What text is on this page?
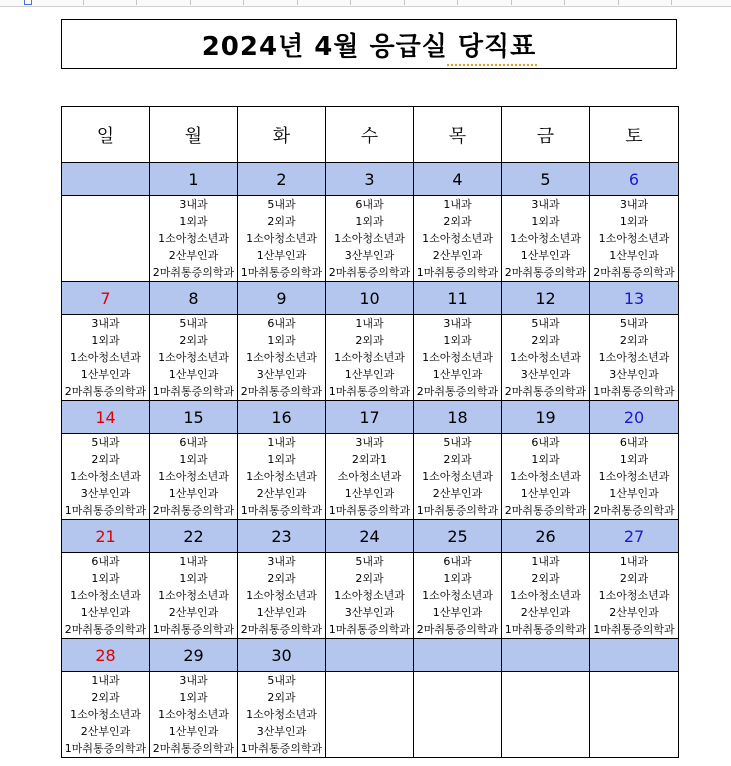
2024년 4월 응급실 당직표
일	월	화	수	목	금	토
	1	2	3	4	5	6

	3내과
1외과
1소아청소년과
2산부인과
2마취통증의학과	5내과
2외과
1소아청소년과
1산부인과
1마취통증의학과	6내과
1외과
1소아청소년과
3산부인과
2마취통증의학과	1내과
2외과
1소아청소년과
2산부인과
1마취통증의학과	3내과
1외과
1소아청소년과
1산부인과
2마취통증의학과	3내과
1외과
1소아청소년과
1산부인과
2마취통증의학과

7	8	9	10	11	12	13

3내과
1외과
1소아청소년과
1산부인과
2마취통증의학과	5내과
2외과
1소아청소년과
1산부인과
1마취통증의학과	6내과
1외과
1소아청소년과
3산부인과
2마취통증의학과	1내과
2외과
1소아청소년과
1산부인과
1마취통증의학과	3내과
1외과
1소아청소년과
1산부인과
2마취통증의학과	5내과
2외과
1소아청소년과
3산부인과
2마취통증의학과	5내과
2외과
1소아청소년과
3산부인과
1마취통증의학과

14	15	16	17	18	19	20

5내과
2외과
1소아청소년과
3산부인과
1마취통증의학과	6내과
1외과
1소아청소년과
1산부인과
2마취통증의학과	1내과
1외과
1소아청소년과
2산부인과
1마취통증의학과	3내과
2외과1
소아청소년과
1산부인과
1마취통증의학과	5내과
2외과
1소아청소년과
2산부인과
1마취통증의학과	6내과
1외과
1소아청소년과
1산부인과
2마취통증의학과	6내과
1외과
1소아청소년과
1산부인과
2마취통증의학과

21	22	23	24	25	26	27

6내과
1외과
1소아청소년과
1산부인과
2마취통증의학과	1내과
1외과
1소아청소년과
2산부인과
1마취통증의학과	3내과
2외과
1소아청소년과
1산부인과
2마취통증의학과	5내과
2외과
1소아청소년과
3산부인과
1마취통증의학과	6내과
1외과
1소아청소년과
1산부인과
2마취통증의학과	1내과
2외과
1소아청소년과
2산부인과
1마취통증의학과	1내과
2외과
1소아청소년과
2산부인과
1마취통증의학과

28	29	30				

1내과
2외과
1소아청소년과
2산부인과
1마취통증의학과	3내과
1외과
1소아청소년과
1산부인과
2마취통증의학과	5내과
2외과
1소아청소년과
3산부인과
1마취통증의학과				
